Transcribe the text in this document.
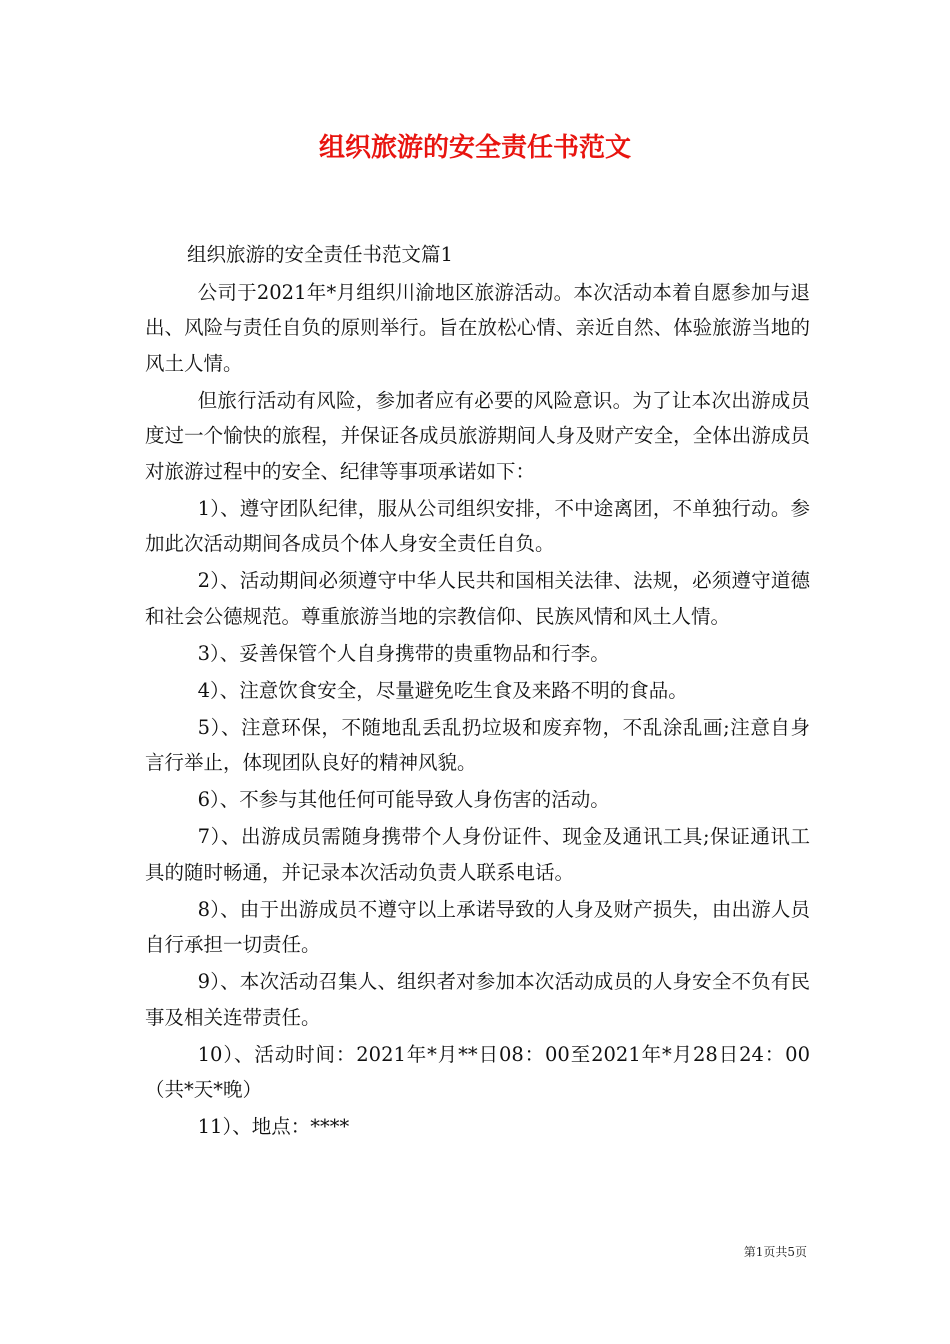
组织旅游的安全责任书范文

组织旅游的安全责任书范文篇1

公司于2021年*月组织川渝地区旅游活动。本次活动本着自愿参加与退出、风险与责任自负的原则举行。旨在放松心情、亲近自然、体验旅游当地的风土人情。

但旅行活动有风险，参加者应有必要的风险意识。为了让本次出游成员度过一个愉快的旅程，并保证各成员旅游期间人身及财产安全，全体出游成员对旅游过程中的安全、纪律等事项承诺如下：

1）、遵守团队纪律，服从公司组织安排，不中途离团，不单独行动。参加此次活动期间各成员个体人身安全责任自负。

2）、活动期间必须遵守中华人民共和国相关法律、法规，必须遵守道德和社会公德规范。尊重旅游当地的宗教信仰、民族风情和风土人情。

3）、妥善保管个人自身携带的贵重物品和行李。

4）、注意饮食安全，尽量避免吃生食及来路不明的食品。

5）、注意环保，不随地乱丢乱扔垃圾和废弃物，不乱涂乱画;注意自身言行举止，体现团队良好的精神风貌。

6）、不参与其他任何可能导致人身伤害的活动。

7）、出游成员需随身携带个人身份证件、现金及通讯工具;保证通讯工具的随时畅通，并记录本次活动负责人联系电话。

8）、由于出游成员不遵守以上承诺导致的人身及财产损失，由出游人员自行承担一切责任。

9）、本次活动召集人、组织者对参加本次活动成员的人身安全不负有民事及相关连带责任。

10）、活动时间：2021年*月**日08：00至2021年*月28日24：00（共*天*晚）

11）、地点：****

第1页共5页
